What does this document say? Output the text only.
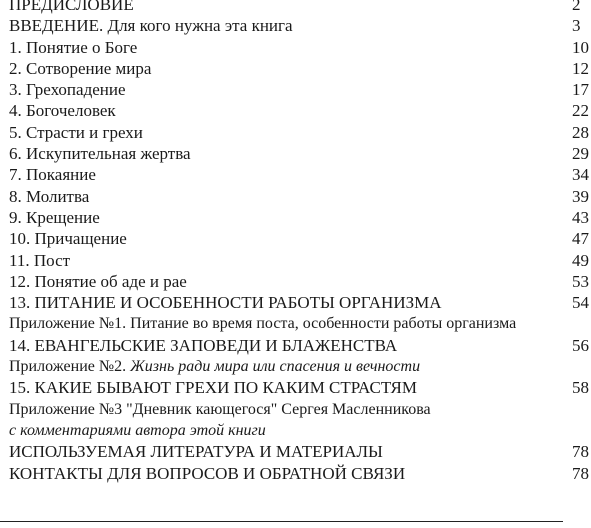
ПРЕДИСЛОВИЕ	2
ВВЕДЕНИЕ. Для кого нужна эта книга	3
1. Понятие о Боге	10
2. Сотворение мира	12
3. Грехопадение	17
4. Богочеловек	22
5. Страсти и грехи	28
6. Искупительная жертва	29
7. Покаяние	34
8. Молитва	39
9. Крещение	43
10. Причащение	47
11. Пост	49
12. Понятие об аде и рае	53
13. ПИТАНИЕ И ОСОБЕННОСТИ РАБОТЫ ОРГАНИЗМА	54
Приложение №1. Питание во время поста, особенности работы организма
14. ЕВАНГЕЛЬСКИЕ ЗАПОВЕДИ И БЛАЖЕНСТВА	56
Приложение №2. Жизнь ради мира или спасения и вечности
15. КАКИЕ БЫВАЮТ ГРЕХИ ПО КАКИМ СТРАСТЯМ	58
Приложение №3 "Дневник кающегося" Сергея Масленникова
с комментариями автора этой книги
ИСПОЛЬЗУЕМАЯ ЛИТЕРАТУРА И МАТЕРИАЛЫ	78
КОНТАКТЫ ДЛЯ ВОПРОСОВ И ОБРАТНОЙ СВЯЗИ	78
